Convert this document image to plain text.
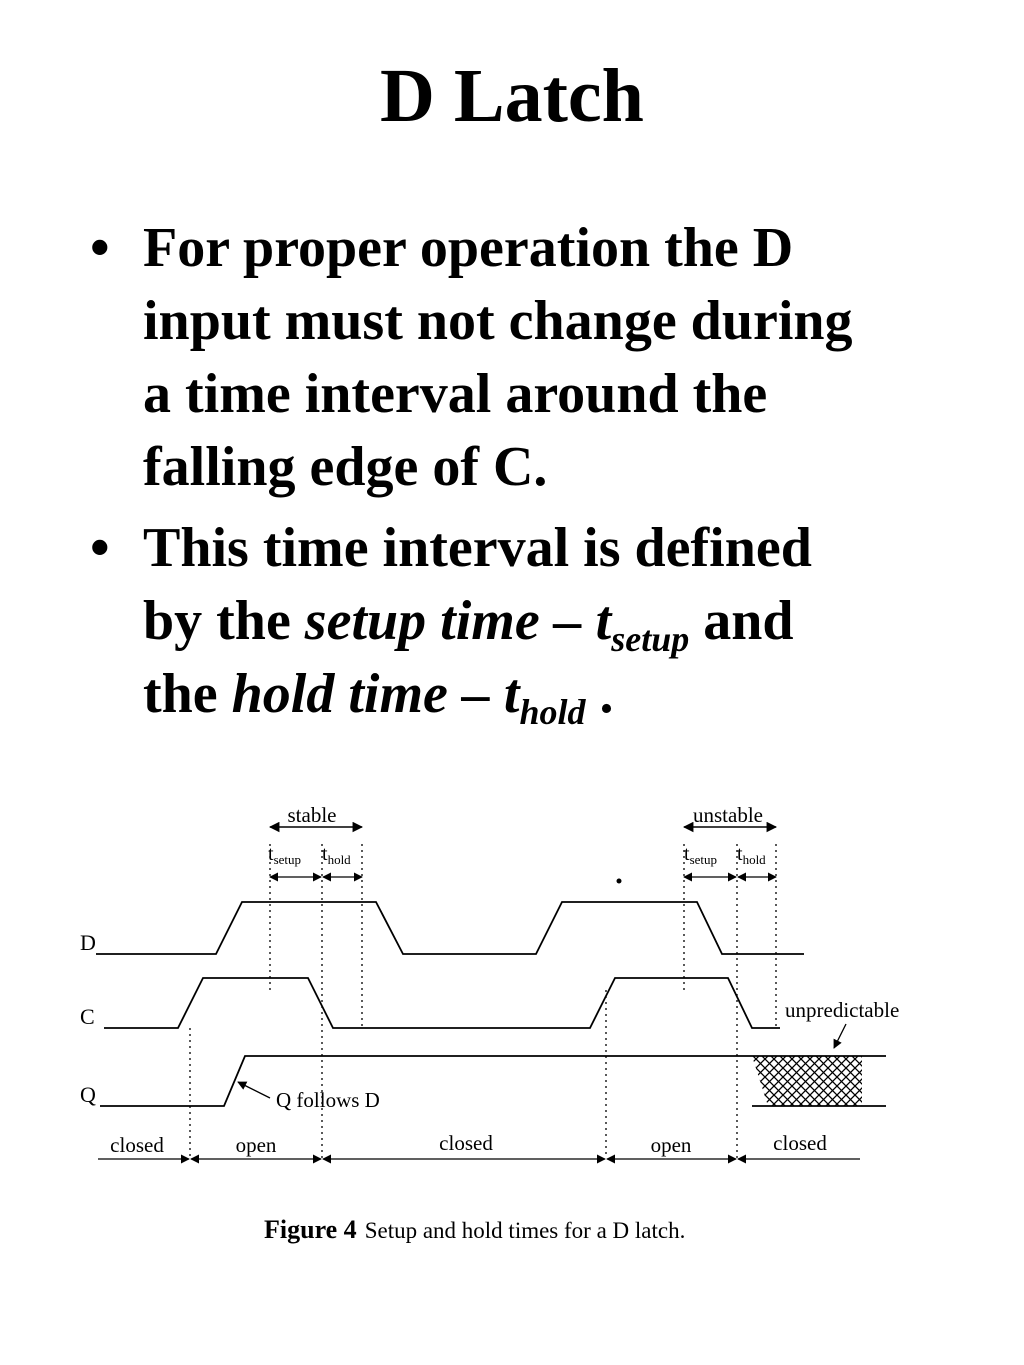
D Latch
• For proper operation the D
input must not change during
a time interval around the
falling edge of C.
• This time interval is defined
by the setup time – $t_{setup}$ and
the hold time – $t_{hold}$ .
stable	unstable
$t_{setup}$ $t_{hold}$	$t_{setup}$ $t_{hold}$
D
C
Q	Q follows D
unpredictable
closed	open	closed	open	closed
Figure 4 Setup and hold times for a D latch.
